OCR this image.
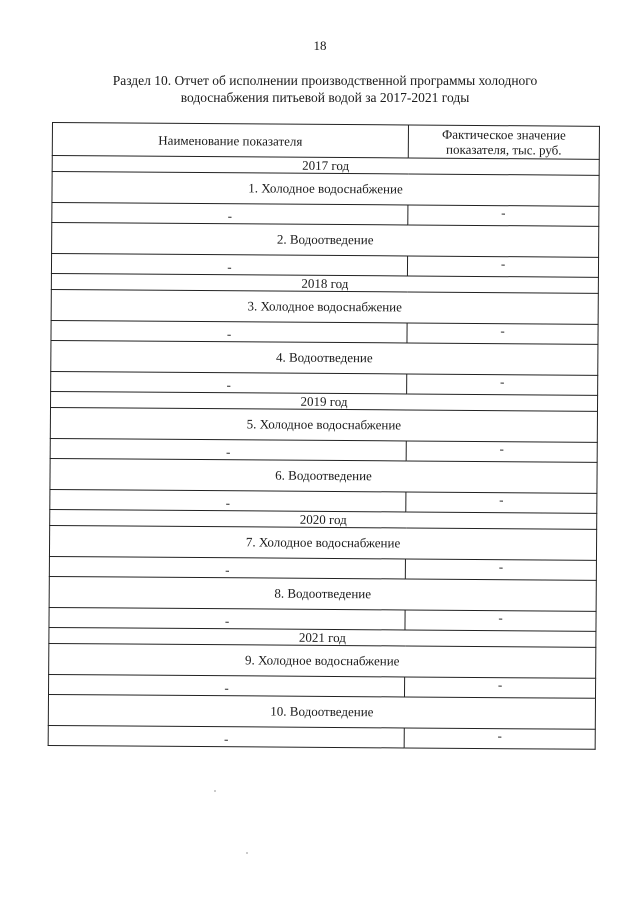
18
Раздел 10. Отчет об исполнении производственной программы холодного
водоснабжения питьевой водой за 2017-2021 годы
Наименование показателя	Фактическое значение показателя, тыс. руб.
2017 год	
1. Холодное водоснабжение	
-	-
2. Водоотведение	
-	-
2018 год	
3. Холодное водоснабжение	
-	-
4. Водоотведение	
-	-
2019 год	
5. Холодное водоснабжение	
-	-
6. Водоотведение	
-	-
2020 год	
7. Холодное водоснабжение	
-	-
8. Водоотведение	
-	-
2021 год	
9. Холодное водоснабжение	
-	-
10. Водоотведение	
-	-
